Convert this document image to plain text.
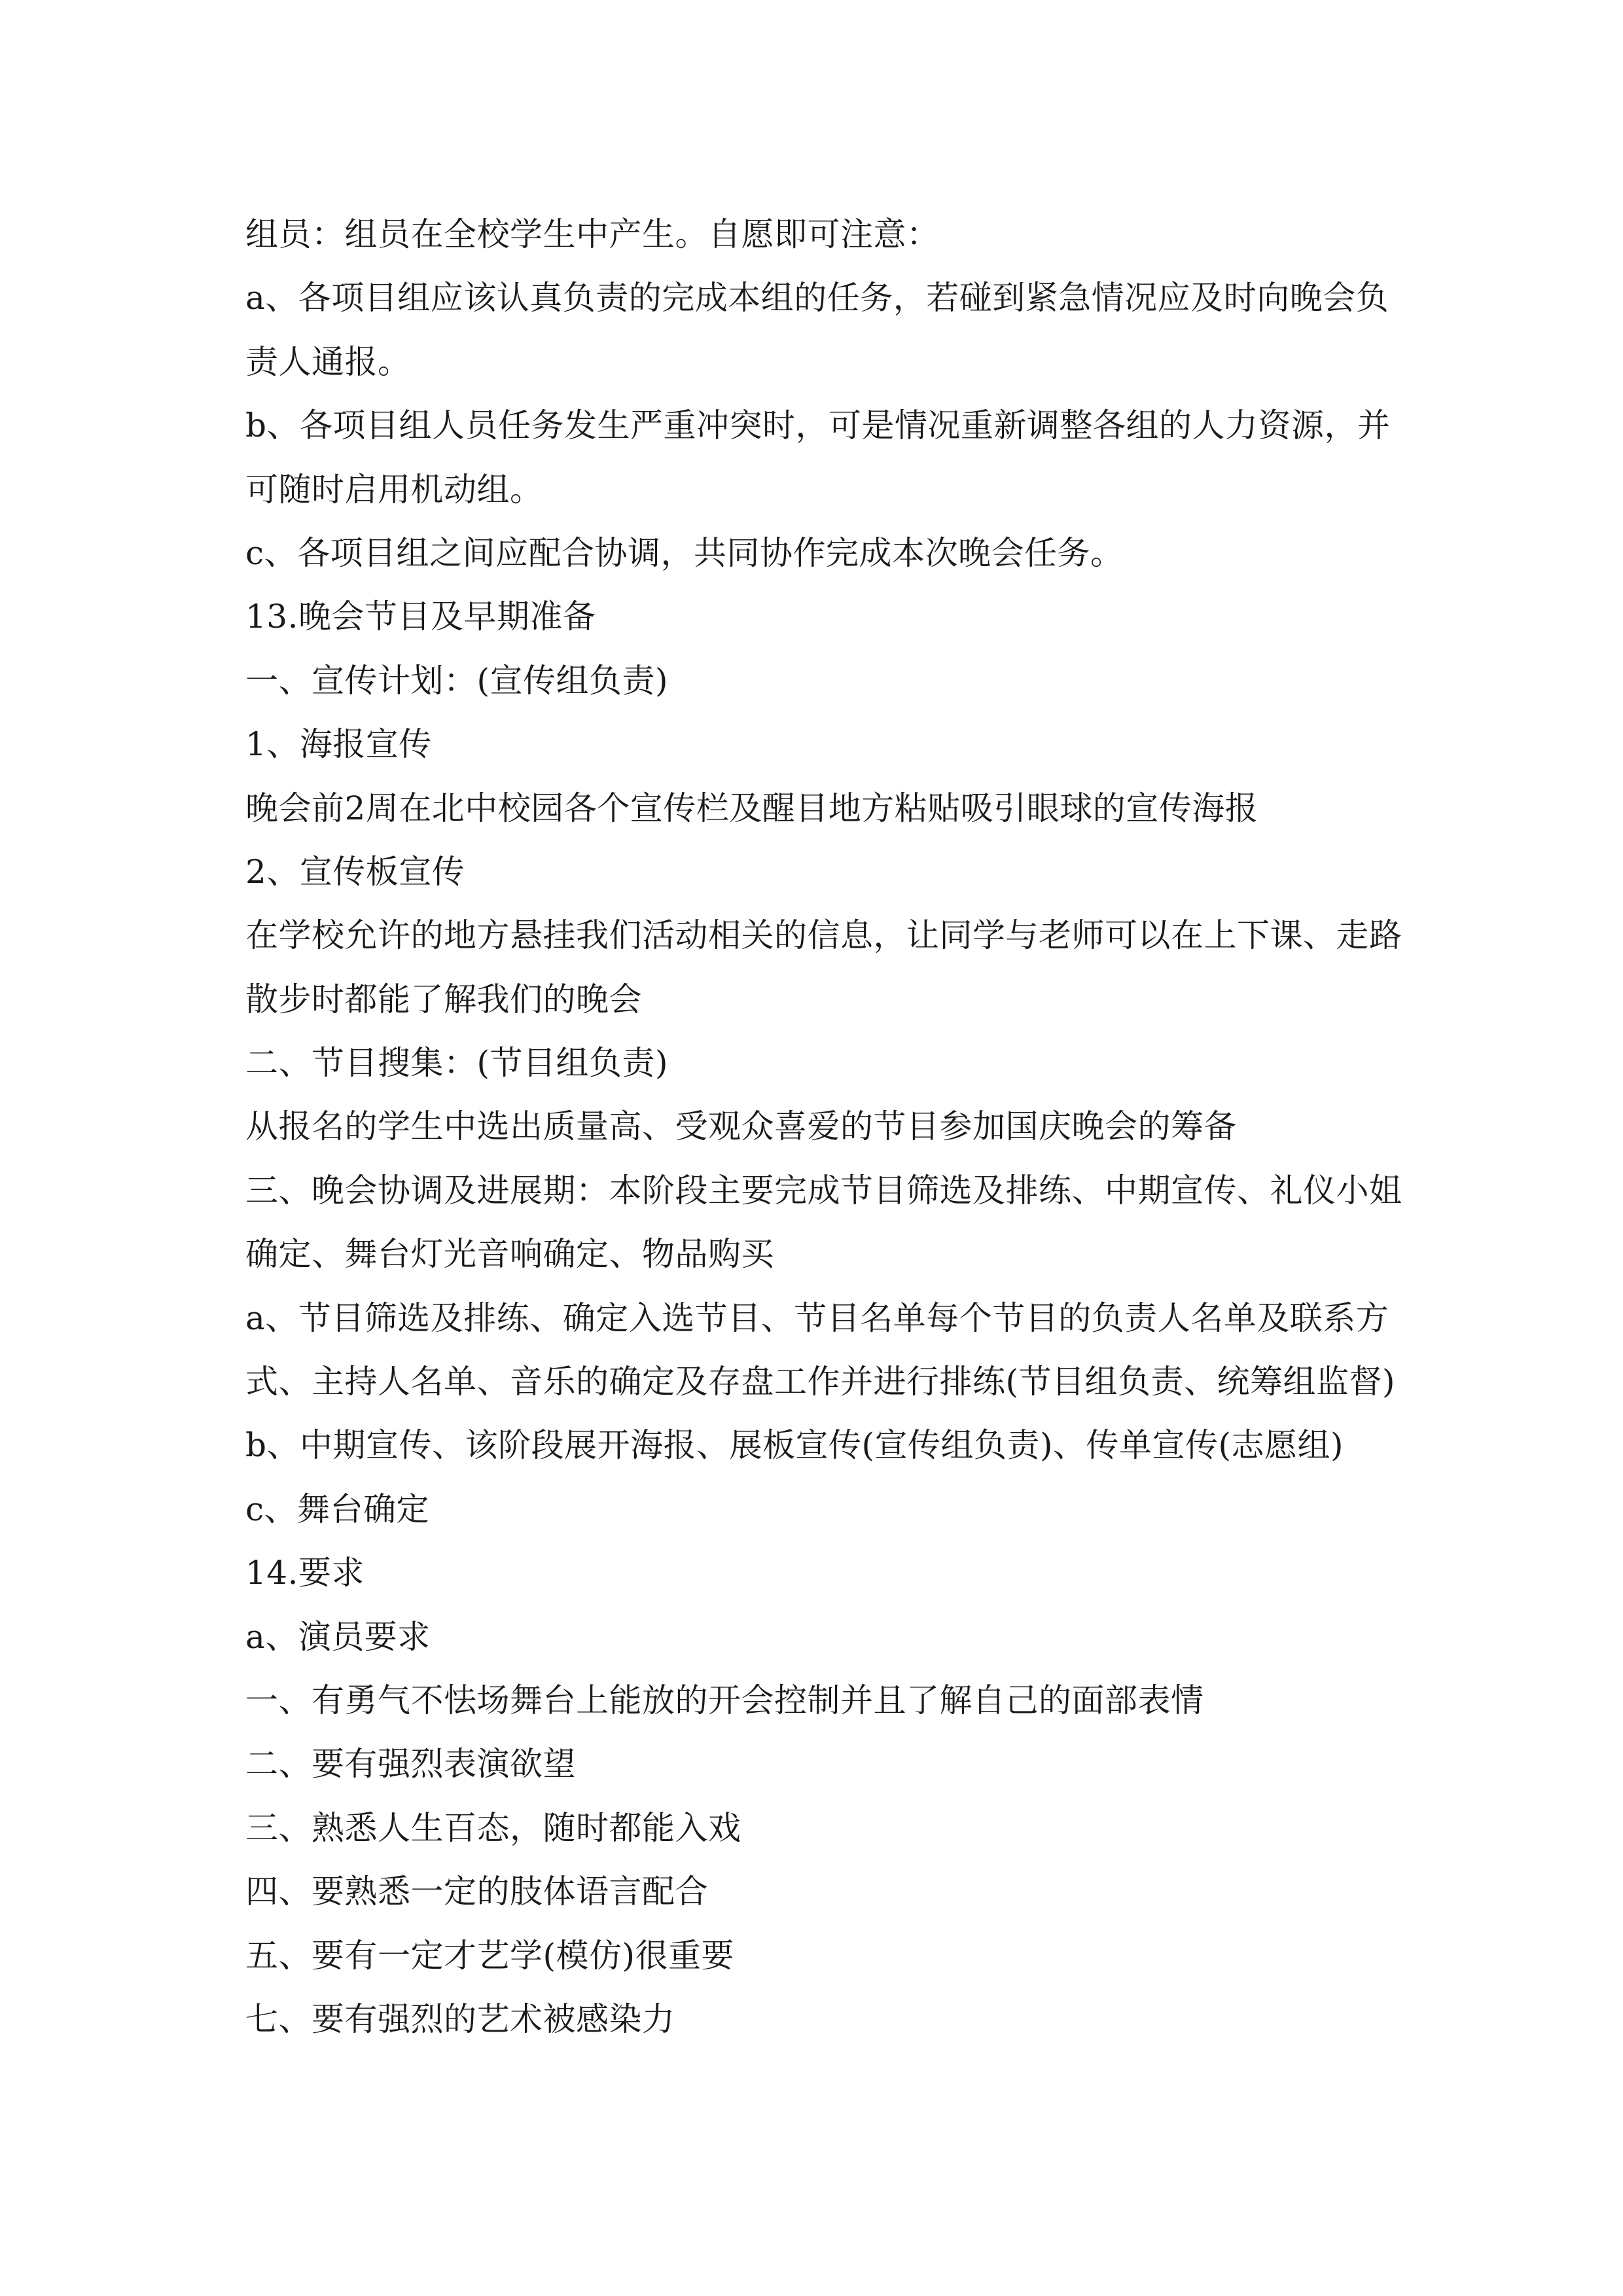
组员：组员在全校学生中产生。自愿即可注意：
a、各项目组应该认真负责的完成本组的任务，若碰到紧急情况应及时向晚会负
责人通报。
b、各项目组人员任务发生严重冲突时，可是情况重新调整各组的人力资源，并
可随时启用机动组。
c、各项目组之间应配合协调，共同协作完成本次晚会任务。
13.晚会节目及早期准备
一、宣传计划：(宣传组负责)
1、海报宣传
晚会前2周在北中校园各个宣传栏及醒目地方粘贴吸引眼球的宣传海报
2、宣传板宣传
在学校允许的地方悬挂我们活动相关的信息，让同学与老师可以在上下课、走路
散步时都能了解我们的晚会
二、节目搜集：(节目组负责)
从报名的学生中选出质量高、受观众喜爱的节目参加国庆晚会的筹备
三、晚会协调及进展期：本阶段主要完成节目筛选及排练、中期宣传、礼仪小姐
确定、舞台灯光音响确定、物品购买
a、节目筛选及排练、确定入选节目、节目名单每个节目的负责人名单及联系方
式、主持人名单、音乐的确定及存盘工作并进行排练(节目组负责、统筹组监督)
b、中期宣传、该阶段展开海报、展板宣传(宣传组负责)、传单宣传(志愿组)
c、舞台确定
14.要求
a、演员要求
一、有勇气不怯场舞台上能放的开会控制并且了解自己的面部表情
二、要有强烈表演欲望
三、熟悉人生百态，随时都能入戏
四、要熟悉一定的肢体语言配合
五、要有一定才艺学(模仿)很重要
七、要有强烈的艺术被感染力
